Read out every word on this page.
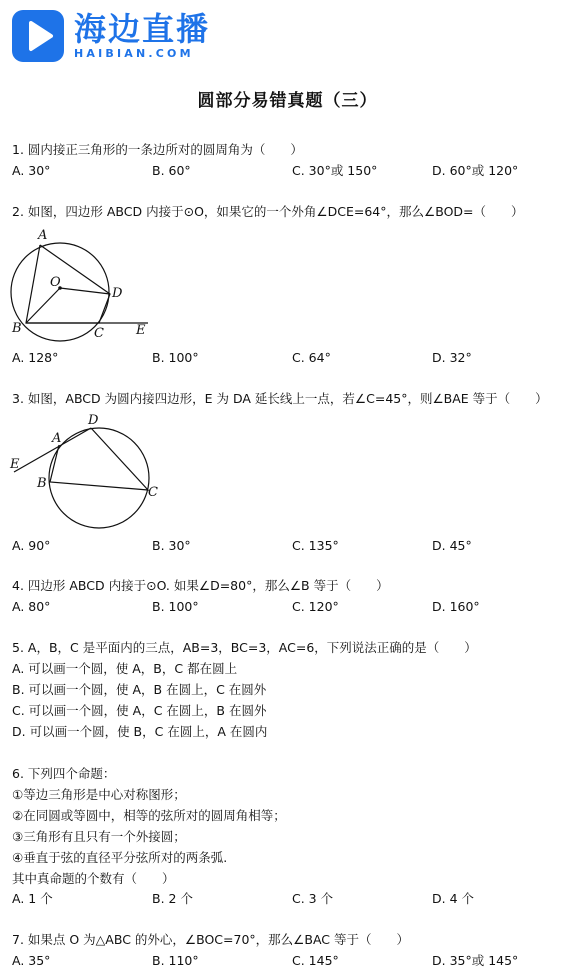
海边直播
HAIBIAN.COM
圆部分易错真题（三）
1. 圆内接正三角形的一条边所对的圆周角为（　　）
A. 30°	B. 60°	C. 30°或 150°	D. 60°或 120°
2. 如图，四边形 ABCD 内接于⊙O，如果它的一个外角∠DCE=64°，那么∠BOD=（　　）
A
O
D
B	C E
A. 128°	B. 100°	C. 64°	D. 32°
3. 如图，ABCD 为圆内接四边形，E 为 DA 延长线上一点，若∠C=45°，则∠BAE 等于（　　）
D
A
E
B
C
A. 90°	B. 30°	C. 135°	D. 45°
4. 四边形 ABCD 内接于⊙O. 如果∠D=80°，那么∠B 等于（　　）
A. 80°	B. 100°	C. 120°	D. 160°
5. A，B，C 是平面内的三点，AB=3，BC=3，AC=6，下列说法正确的是（　　）
A. 可以画一个圆，使 A，B，C 都在圆上
B. 可以画一个圆，使 A，B 在圆上，C 在圆外
C. 可以画一个圆，使 A，C 在圆上，B 在圆外
D. 可以画一个圆，使 B，C 在圆上，A 在圆内
6. 下列四个命题：
①等边三角形是中心对称图形；
②在同圆或等圆中，相等的弦所对的圆周角相等；
③三角形有且只有一个外接圆；
④垂直于弦的直径平分弦所对的两条弧.
其中真命题的个数有（　　）
A. 1 个	B. 2 个	C. 3 个	D. 4 个
7. 如果点 O 为△ABC 的外心，∠BOC=70°，那么∠BAC 等于（　　）
A. 35°	B. 110°	C. 145°	D. 35°或 145°
